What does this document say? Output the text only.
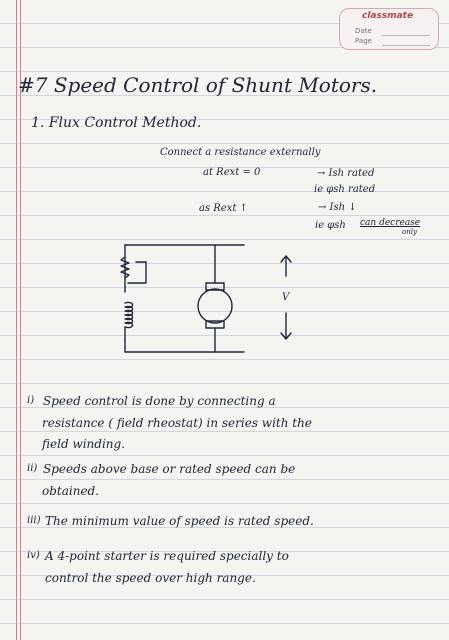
classmate
Date
Page
#7 Speed Control of Shunt Motors.
1. Flux Control Method.
Connect a resistance externally
at Rext = 0	→ Ish rated
ie φsh rated
as Rext ↑	→ Ish ↓
ie φsh can decrease
only
V
i) Speed control is done by connecting a
resistance ( field rheostat) in series with the
field winding.
ii) Speeds above base or rated speed can be
obtained.
iii) The minimum value of speed is rated speed.
iv) A 4-point starter is required specially to
control the speed over high range.
